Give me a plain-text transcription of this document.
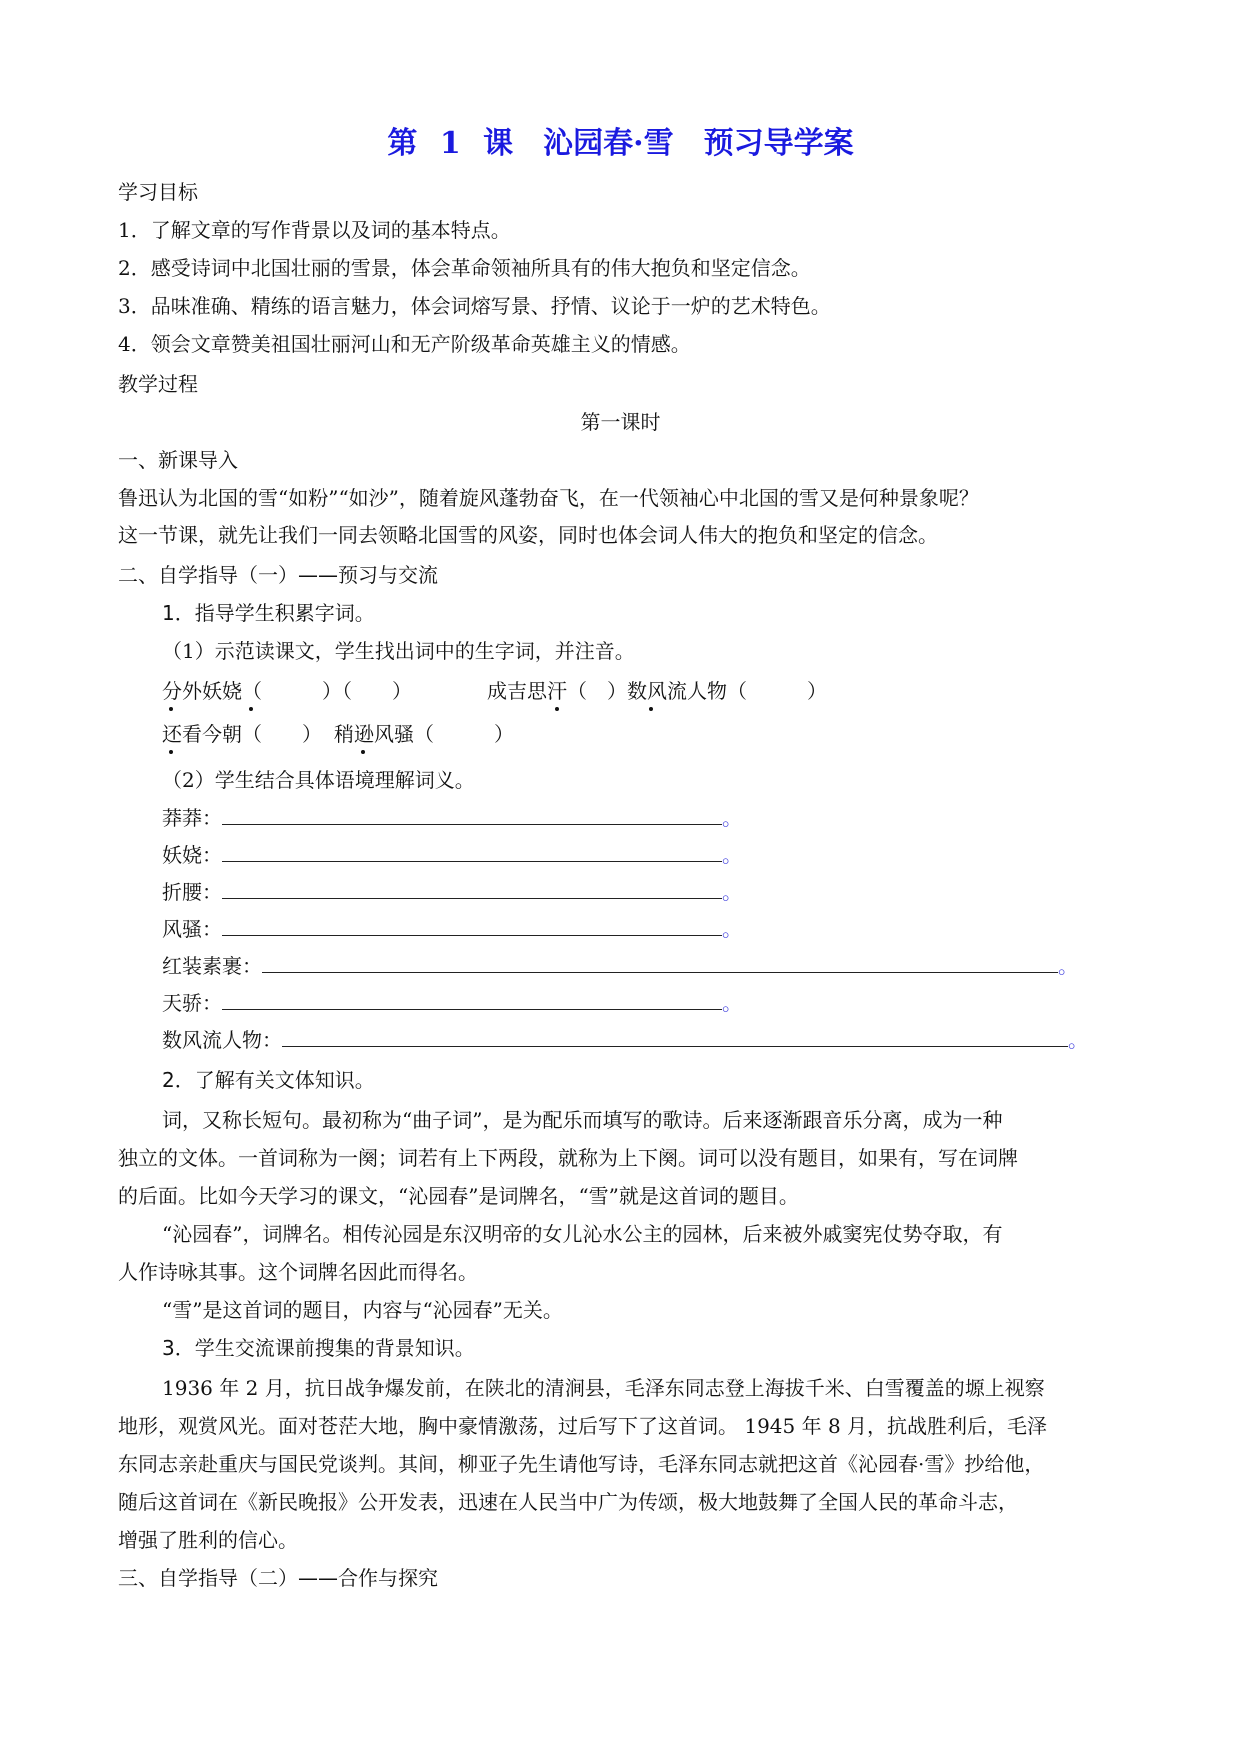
第 1 课　沁园春·雪　预习导学案
学习目标
1．了解文章的写作背景以及词的基本特点。
2．感受诗词中北国壮丽的雪景，体会革命领袖所具有的伟大抱负和坚定信念。
3．品味准确、精练的语言魅力，体会词熔写景、抒情、议论于一炉的艺术特色。
4．领会文章赞美祖国壮丽河山和无产阶级革命英雄主义的情感。
教学过程
第一课时
一、新课导入
鲁迅认为北国的雪“如粉”“如沙”，随着旋风蓬勃奋飞，在一代领袖心中北国的雪又是何种景象呢？
这一节课，就先让我们一同去领略北国雪的风姿，同时也体会词人伟大的抱负和坚定的信念。
二、自学指导（一）——预习与交流
1．指导学生积累字词。
（1）示范读课文，学生找出词中的生字词，并注音。
分外妖娆（　　　）（　　）	成吉思汗（　）数风流人物（　　　）
还看今朝（　　） 稍逊风骚（　　　）
（2）学生结合具体语境理解词义。
莽莽：	。
妖娆：	。
折腰：	。
风骚：	。
红装素裹：	。
天骄：	。
数风流人物：	。
2．了解有关文体知识。
词，又称长短句。最初称为“曲子词”，是为配乐而填写的歌诗。后来逐渐跟音乐分离，成为一种
独立的文体。一首词称为一阕；词若有上下两段，就称为上下阕。词可以没有题目，如果有，写在词牌
的后面。比如今天学习的课文，“沁园春”是词牌名，“雪”就是这首词的题目。
“沁园春”，词牌名。相传沁园是东汉明帝的女儿沁水公主的园林，后来被外戚窦宪仗势夺取，有
人作诗咏其事。这个词牌名因此而得名。
“雪”是这首词的题目，内容与“沁园春”无关。
3．学生交流课前搜集的背景知识。
1936 年 2 月，抗日战争爆发前，在陕北的清涧县，毛泽东同志登上海拔千米、白雪覆盖的塬上视察
地形，观赏风光。面对苍茫大地，胸中豪情激荡，过后写下了这首词。 1945 年 8 月，抗战胜利后，毛泽
东同志亲赴重庆与国民党谈判。其间，柳亚子先生请他写诗，毛泽东同志就把这首《沁园春·雪》抄给他，
随后这首词在《新民晚报》公开发表，迅速在人民当中广为传颂，极大地鼓舞了全国人民的革命斗志，
增强了胜利的信心。
三、自学指导（二）——合作与探究
